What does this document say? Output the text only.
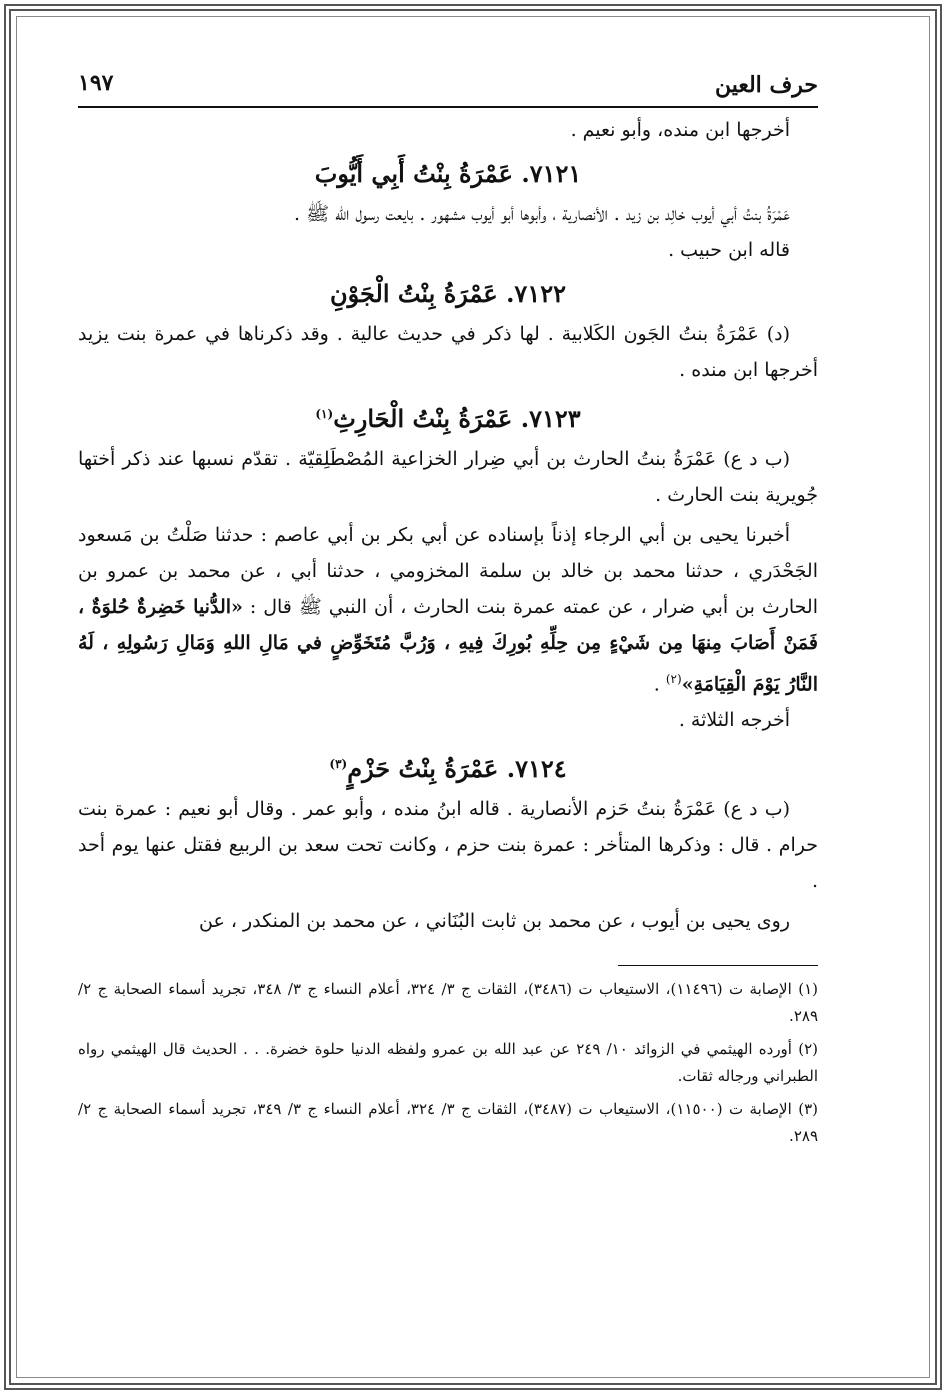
حرف العين
١٩٧

أخرجها ابن منده، وأبو نعيم .

٧١٢١. عَمْرَةُ بِنْتُ أَبِي أَيُّوبَ

عَمْرَةُ بنتُ أبي أيوب خالِد بن زيد . الأنصارية ، وأبوها أبو أيوب مشهور . بايعت رسول الله ﷺ .

قاله ابن حبيب .

٧١٢٢. عَمْرَةُ بِنْتُ الْجَوْنِ

(د) عَمْرَةُ بنتُ الجَون الكَلابية . لها ذكر في حديث عالية . وقد ذكرناها في عمرة بنت يزيد أخرجها ابن منده .

٧١٢٣. عَمْرَةُ بِنْتُ الْحَارِثِ$^{(١)}$

(ب د ع) عَمْرَةُ بنتُ الحارث بن أبي ضِرار الخزاعية المُصْطَلِقيّة . تقدّم نسبها عند ذكر أختها جُويرية بنت الحارث .

أخبرنا يحيى بن أبي الرجاء إذناً بإسناده عن أبي بكر بن أبي عاصم : حدثنا صَلْتُ بن مَسعود الجَحْدَري ، حدثنا محمد بن خالد بن سلمة المخزومي ، حدثنا أبي ، عن محمد بن عمرو بن الحارث بن أبي ضرار ، عن عمته عمرة بنت الحارث ، أن النبي ﷺ قال : «الدُّنيا خَضِرةٌ حُلوَةٌ ، فَمَنْ أَصَابَ مِنهَا مِن شَيْءٍ مِن حِلِّهِ بُورِكَ فِيهِ ، وَرُبَّ مُتَخَوِّضٍ في مَالِ اللهِ وَمَالِ رَسُولِهِ ، لَهُ النَّارُ يَوْمَ الْقِيَامَةِ»$^{(٢)}$ .

أخرجه الثلاثة .

٧١٢٤. عَمْرَةُ بِنْتُ حَزْمٍ$^{(٣)}$

(ب د ع) عَمْرَةُ بنتُ حَزم الأنصارية . قاله ابنُ منده ، وأبو عمر . وقال أبو نعيم : عمرة بنت حرام . قال : وذكرها المتأخر : عمرة بنت حزم ، وكانت تحت سعد بن الربيع فقتل عنها يوم أحد .

روى يحيى بن أيوب ، عن محمد بن ثابت البُنَاني ، عن محمد بن المنكدر ، عن

(١) الإصابة ت (١١٤٩٦)، الاستيعاب ت (٣٤٨٦)، الثقات ج ٣/ ٣٢٤، أعلام النساء ج ٣/ ٣٤٨، تجريد أسماء الصحابة ج ٢/ ٢٨٩.

(٢) أورده الهيثمي في الزوائد ١٠/ ٢٤٩ عن عبد الله بن عمرو ولفظه الدنيا حلوة خضرة. . . الحديث قال الهيثمي رواه الطبراني ورجاله ثقات.

(٣) الإصابة ت (١١٥٠٠)، الاستيعاب ت (٣٤٨٧)، الثقات ج ٣/ ٣٢٤، أعلام النساء ج ٣/ ٣٤٩، تجريد أسماء الصحابة ج ٢/ ٢٨٩.
